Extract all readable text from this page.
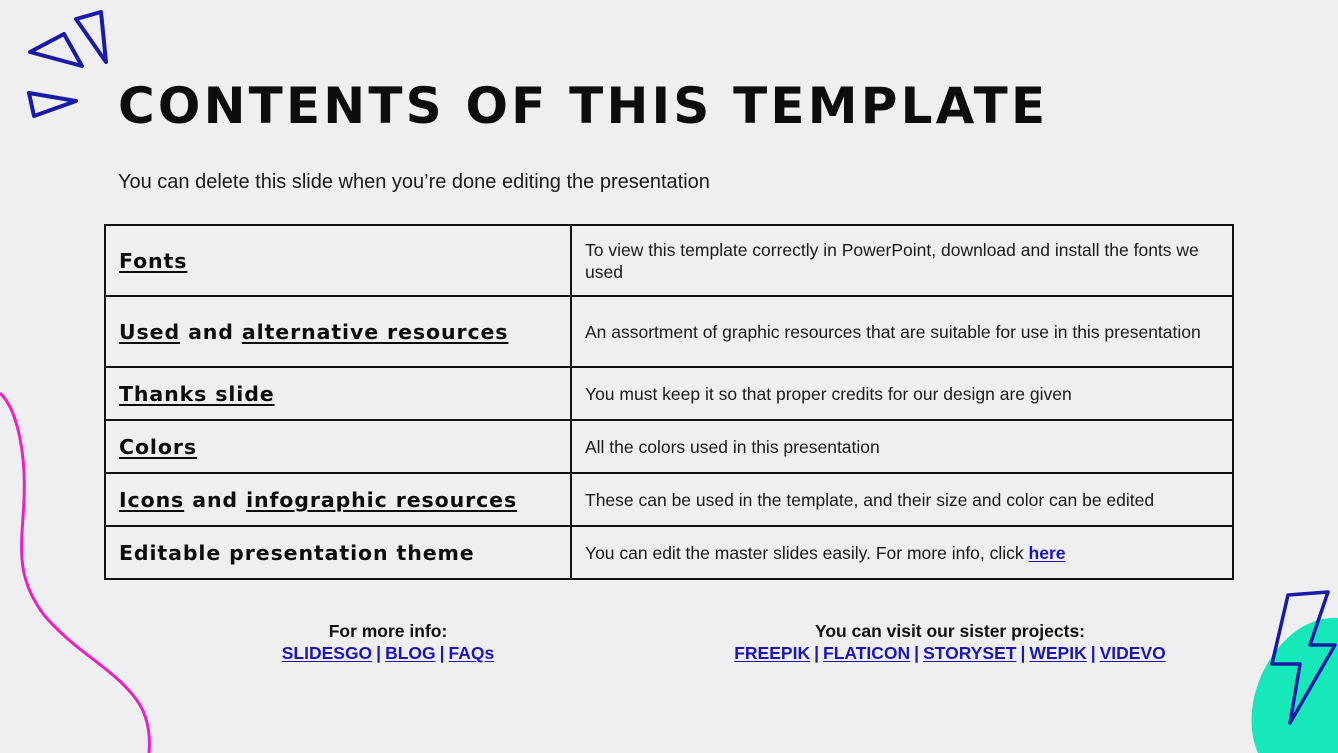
CONTENTS OF THIS TEMPLATE

You can delete this slide when you’re done editing the presentation

Fonts	To view this template correctly in PowerPoint, download and install the fonts we used
Used and alternative resources	An assortment of graphic resources that are suitable for use in this presentation
Thanks slide	You must keep it so that proper credits for our design are given
Colors	All the colors used in this presentation
Icons and infographic resources	These can be used in the template, and their size and color can be edited
Editable presentation theme	You can edit the master slides easily. For more info, click here
For more info:
SLIDESGO | BLOG | FAQs
You can visit our sister projects:
FREEPIK | FLATICON | STORYSET | WEPIK | VIDEVO
